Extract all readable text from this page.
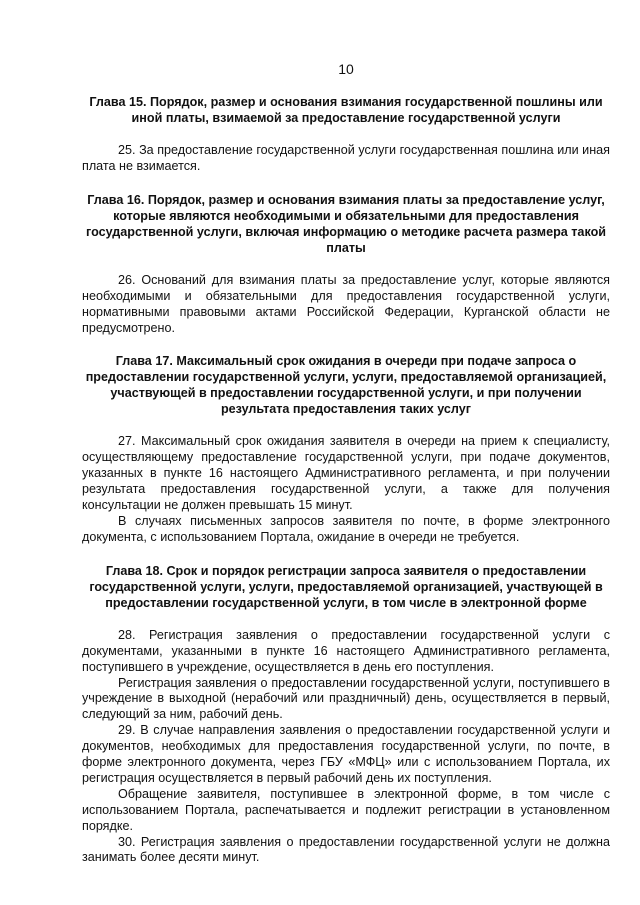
10

Глава 15. Порядок, размер и основания взимания государственной пошлины или иной платы, взимаемой за предоставление государственной услуги

25. За предоставление государственной услуги государственная пошлина или иная плата не взимается.

Глава 16. Порядок, размер и основания взимания платы за предоставление услуг, которые являются необходимыми и обязательными для предоставления государственной услуги, включая информацию о методике расчета размера такой платы

26. Оснований для взимания платы за предоставление услуг, которые являются необходимыми и обязательными для предоставления государственной услуги, нормативными правовыми актами Российской Федерации, Курганской области не предусмотрено.

Глава 17. Максимальный срок ожидания в очереди при подаче запроса о предоставлении государственной услуги, услуги, предоставляемой организацией, участвующей в предоставлении государственной услуги, и при получении результата предоставления таких услуг

27. Максимальный срок ожидания заявителя в очереди на прием к специалисту, осуществляющему предоставление государственной услуги, при подаче документов, указанных в пункте 16 настоящего Административного регламента, и при получении результата предоставления государственной услуги, а также для получения консультации не должен превышать 15 минут.

В случаях письменных запросов заявителя по почте, в форме электронного документа, с использованием Портала, ожидание в очереди не требуется.

Глава 18. Срок и порядок регистрации запроса заявителя о предоставлении государственной услуги, услуги, предоставляемой организацией, участвующей в предоставлении государственной услуги, в том числе в электронной форме

28. Регистрация заявления о предоставлении государственной услуги с документами, указанными в пункте 16 настоящего Административного регламента, поступившего в учреждение, осуществляется в день его поступления.

Регистрация заявления о предоставлении государственной услуги, поступившего в учреждение в выходной (нерабочий или праздничный) день, осуществляется в первый, следующий за ним, рабочий день.

29. В случае направления заявления о предоставлении государственной услуги и документов, необходимых для предоставления государственной услуги, по почте, в форме электронного документа, через ГБУ «МФЦ» или с использованием Портала, их регистрация осуществляется в первый рабочий день их поступления.

Обращение заявителя, поступившее в электронной форме, в том числе с использованием Портала, распечатывается и подлежит регистрации в установленном порядке.

30. Регистрация заявления о предоставлении государственной услуги не должна занимать более десяти минут.
